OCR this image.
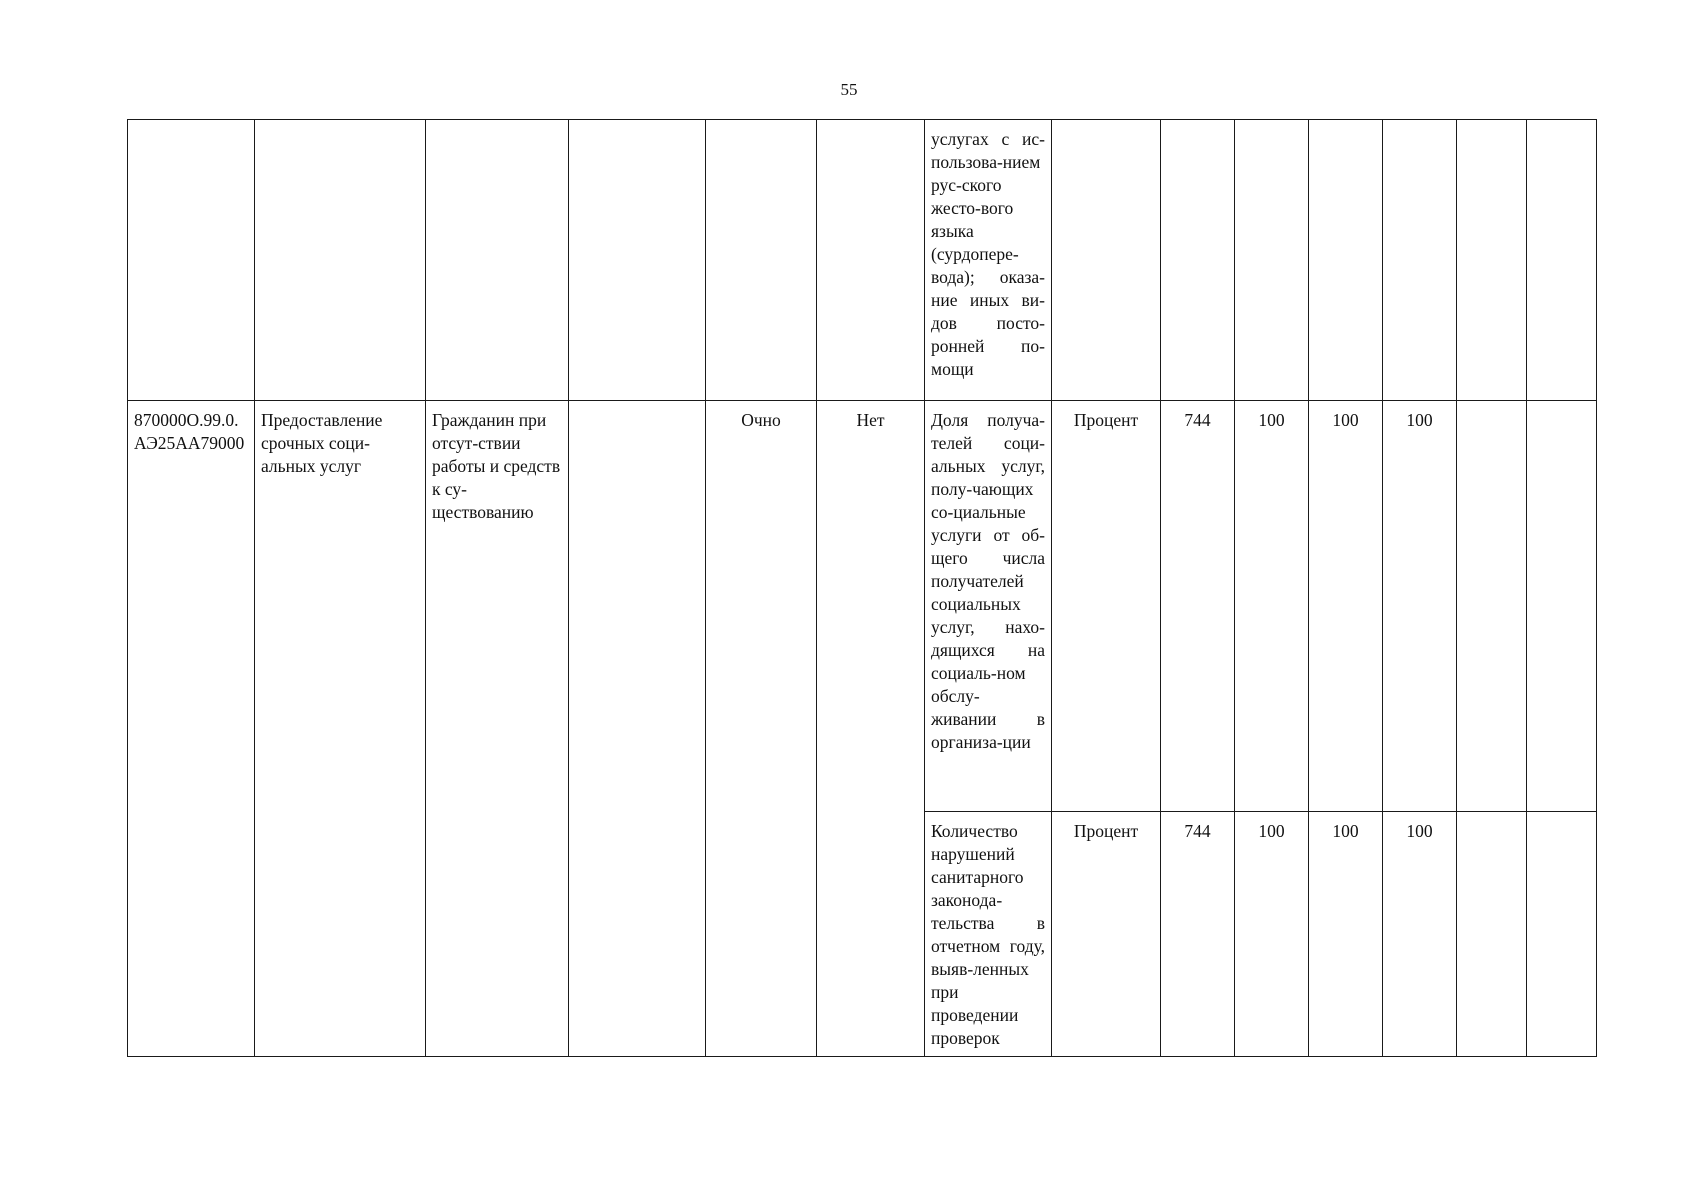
55
						услугах с ис-пользова-нием рус-ского жесто-вого языка (сурдопере-вода); оказа-ние иных ви-дов посто-ронней по-мощи							
870000О.99.0.АЭ25АА79000	Предоставление срочных соци-альных услуг	Гражданин при отсут-ствии работы и средств к су-ществованию		Очно	Нет	Доля получа-телей соци-альных услуг, полу-чающих со-циальные услуги от об-щего числа получателей социальных услуг, нахо-дящихся на социаль-ном обслу-живании в организа-ции	Процент	744	100	100	100		
						Количество нарушений санитарного законода-тельства в отчетном году, выяв-ленных при проведении проверок	Процент	744	100	100	100		
